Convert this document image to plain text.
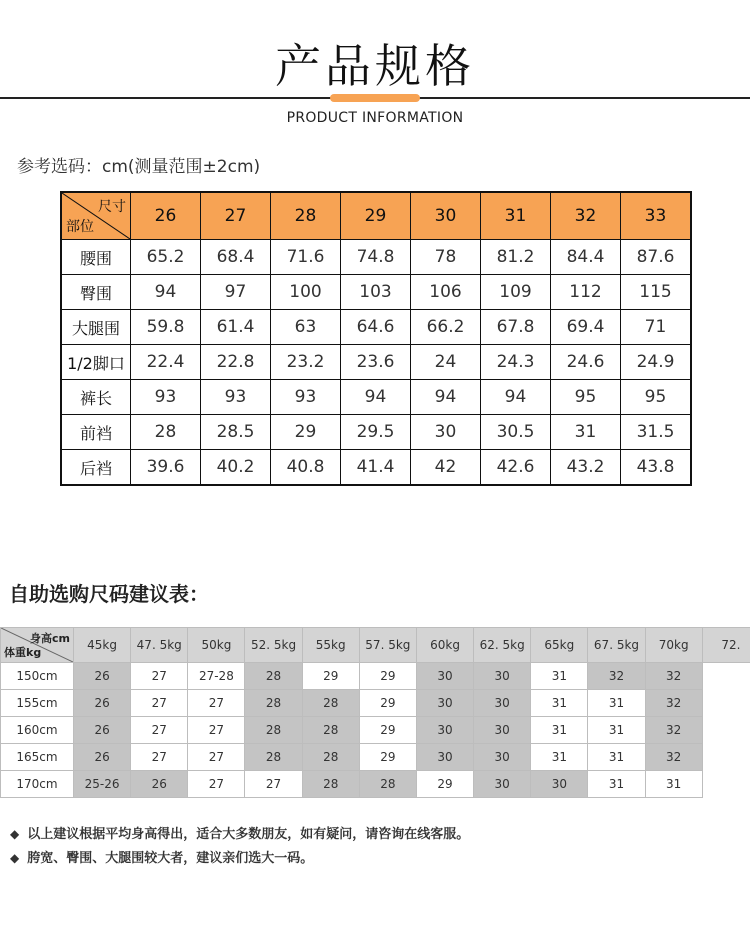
产品规格
PRODUCT INFORMATION
参考选码：cm(测量范围±2cm)
尺寸
部位	26	27	28	29	30	31	32	33
腰围	65.2	68.4	71.6	74.8	78	81.2	84.4	87.6
臀围	94	97	100	103	106	109	112	115
大腿围	59.8	61.4	63	64.6	66.2	67.8	69.4	71
1/2脚口	22.4	22.8	23.2	23.6	24	24.3	24.6	24.9
裤长	93	93	93	94	94	94	95	95
前裆	28	28.5	29	29.5	30	30.5	31	31.5
后裆	39.6	40.2	40.8	41.4	42	42.6	43.2	43.8
自助选购尺码建议表：
身高cm
体重kg	45kg	47. 5kg	50kg	52. 5kg	55kg	57. 5kg	60kg	62. 5kg	65kg	67. 5kg	70kg	72.
150cm	26	27	27-28	28	29	29	30	30	31	32	32	
155cm	26	27	27	28	28	29	30	30	31	31	32	
160cm	26	27	27	28	28	29	30	30	31	31	32	
165cm	26	27	27	28	28	29	30	30	31	31	32	
170cm	25-26	26	27	27	28	28	29	30	30	31	31	
◆ 以上建议根据平均身高得出，适合大多数朋友，如有疑问，请咨询在线客服。
◆ 胯宽、臀围、大腿围较大者，建议亲们选大一码。
